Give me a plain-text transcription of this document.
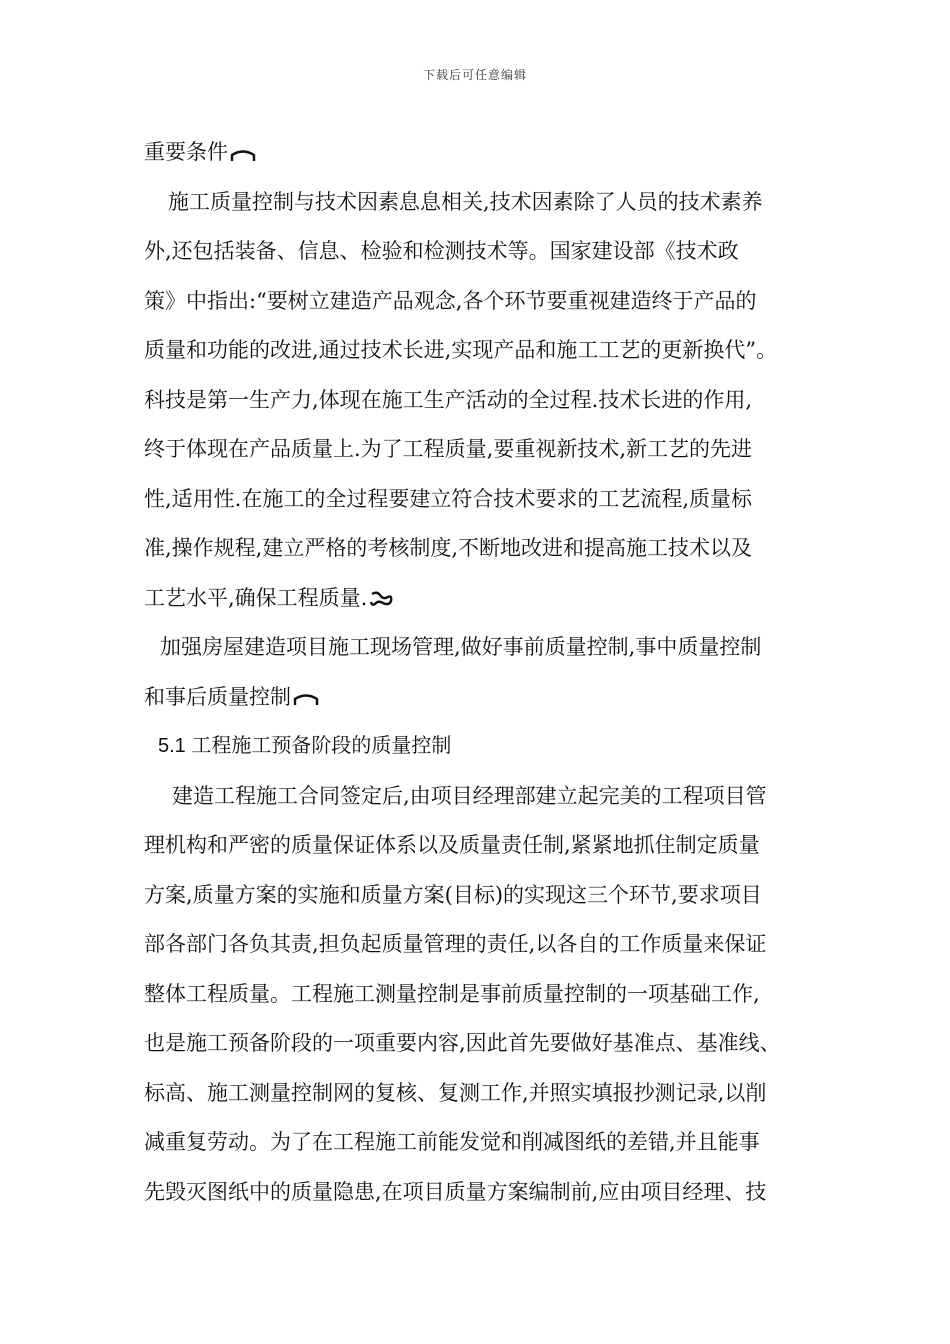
下载后可任意编辑
重要条件
施工质量控制与技术因素息息相关,技术因素除了人员的技术素养
外,还包括装备、信息、检验和检测技术等。国家建设部《技术政
策》中指出:“要树立建造产品观念,各个环节要重视建造终于产品的
质量和功能的改进,通过技术长进,实现产品和施工工艺的更新换代”。
科技是第一生产力,体现在施工生产活动的全过程.技术长进的作用,
终于体现在产品质量上.为了工程质量,要重视新技术,新工艺的先进
性,适用性.在施工的全过程要建立符合技术要求的工艺流程,质量标
准,操作规程,建立严格的考核制度,不断地改进和提高施工技术以及
工艺水平,确保工程质量.
加强房屋建造项目施工现场管理,做好事前质量控制,事中质量控制
和事后质量控制
5.1 工程施工预备阶段的质量控制
建造工程施工合同签定后,由项目经理部建立起完美的工程项目管
理机构和严密的质量保证体系以及质量责任制,紧紧地抓住制定质量
方案,质量方案的实施和质量方案(目标)的实现这三个环节,要求项目
部各部门各负其责,担负起质量管理的责任,以各自的工作质量来保证
整体工程质量。工程施工测量控制是事前质量控制的一项基础工作,
也是施工预备阶段的一项重要内容,因此首先要做好基准点、基准线、
标高、施工测量控制网的复核、复测工作,并照实填报抄测记录,以削
减重复劳动。为了在工程施工前能发觉和削减图纸的差错,并且能事
先毁灭图纸中的质量隐患,在项目质量方案编制前,应由项目经理、技
